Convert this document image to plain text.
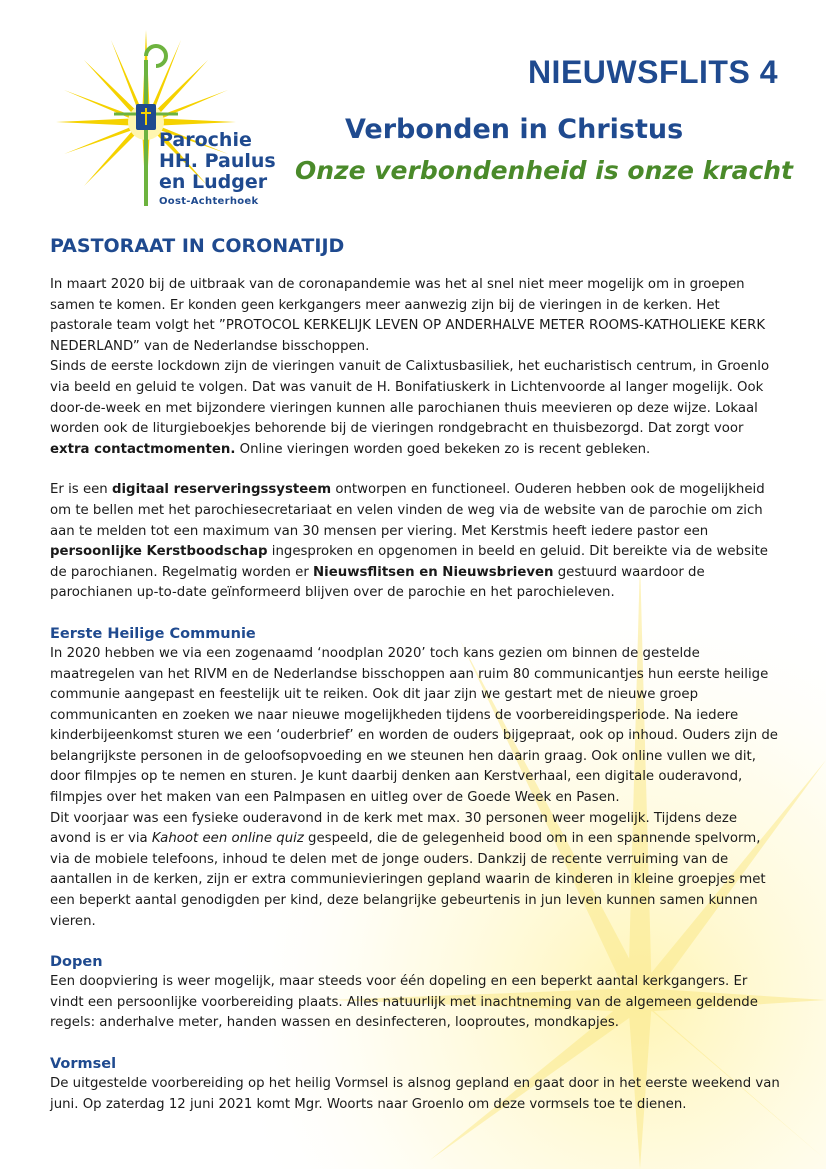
Parochie
HH. Paulus
en Ludger
Oost-Achterhoek
NIEUWSFLITS 4
Verbonden in Christus
Onze verbondenheid is onze kracht
PASTORAAT IN CORONATIJD

In maart 2020 bij de uitbraak van de coronapandemie was het al snel niet meer mogelijk om in groepen samen te komen. Er konden geen kerkgangers meer aanwezig zijn bij de vieringen in de kerken. Het pastorale team volgt het ”PROTOCOL KERKELIJK LEVEN OP ANDERHALVE METER ROOMS-KATHOLIEKE KERK NEDERLAND” van de Nederlandse bisschoppen.

Sinds de eerste lockdown zijn de vieringen vanuit de Calixtusbasiliek, het eucharistisch centrum, in Groenlo via beeld en geluid te volgen. Dat was vanuit de H. Bonifatiuskerk in Lichtenvoorde al langer mogelijk. Ook door-de-week en met bijzondere vieringen kunnen alle parochianen thuis meevieren op deze wijze. Lokaal worden ook de liturgieboekjes behorende bij de vieringen rondgebracht en thuisbezorgd. Dat zorgt voor extra contactmomenten. Online vieringen worden goed bekeken zo is recent gebleken.

Er is een digitaal reserveringssysteem ontworpen en functioneel. Ouderen hebben ook de mogelijkheid om te bellen met het parochiesecretariaat en velen vinden de weg via de website van de parochie om zich aan te melden tot een maximum van 30 mensen per viering. Met Kerstmis heeft iedere pastor een persoonlijke Kerstboodschap ingesproken en opgenomen in beeld en geluid. Dit bereikte via de website de parochianen. Regelmatig worden er Nieuwsflitsen en Nieuwsbrieven gestuurd waardoor de parochianen up-to-date geïnformeerd blijven over de parochie en het parochieleven.

Eerste Heilige Communie

In 2020 hebben we via een zogenaamd ‘noodplan 2020’ toch kans gezien om binnen de gestelde maatregelen van het RIVM en de Nederlandse bisschoppen aan ruim 80 communicantjes hun eerste heilige communie aangepast en feestelijk uit te reiken. Ook dit jaar zijn we gestart met de nieuwe groep communicanten en zoeken we naar nieuwe mogelijkheden tijdens de voorbereidingsperiode. Na iedere kinderbijeenkomst sturen we een ‘ouderbrief’ en worden de ouders bijgepraat, ook op inhoud. Ouders zijn de belangrijkste personen in de geloofsopvoeding en we steunen hen daarin graag. Ook online vullen we dit, door filmpjes op te nemen en sturen. Je kunt daarbij denken aan Kerstverhaal, een digitale ouderavond, filmpjes over het maken van een Palmpasen en uitleg over de Goede Week en Pasen.

Dit voorjaar was een fysieke ouderavond in de kerk met max. 30 personen weer mogelijk. Tijdens deze avond is er via Kahoot een online quiz gespeeld, die de gelegenheid bood om in een spannende spelvorm, via de mobiele telefoons, inhoud te delen met de jonge ouders. Dankzij de recente verruiming van de aantallen in de kerken, zijn er extra communievieringen gepland waarin de kinderen in kleine groepjes met een beperkt aantal genodigden per kind, deze belangrijke gebeurtenis in jun leven kunnen samen kunnen vieren.

Dopen

Een doopviering is weer mogelijk, maar steeds voor één dopeling en een beperkt aantal kerkgangers. Er vindt een persoonlijke voorbereiding plaats. Alles natuurlijk met inachtneming van de algemeen geldende regels: anderhalve meter, handen wassen en desinfecteren, looproutes, mondkapjes.

Vormsel

De uitgestelde voorbereiding op het heilig Vormsel is alsnog gepland en gaat door in het eerste weekend van juni. Op zaterdag 12 juni 2021 komt Mgr. Woorts naar Groenlo om deze vormsels toe te dienen.
